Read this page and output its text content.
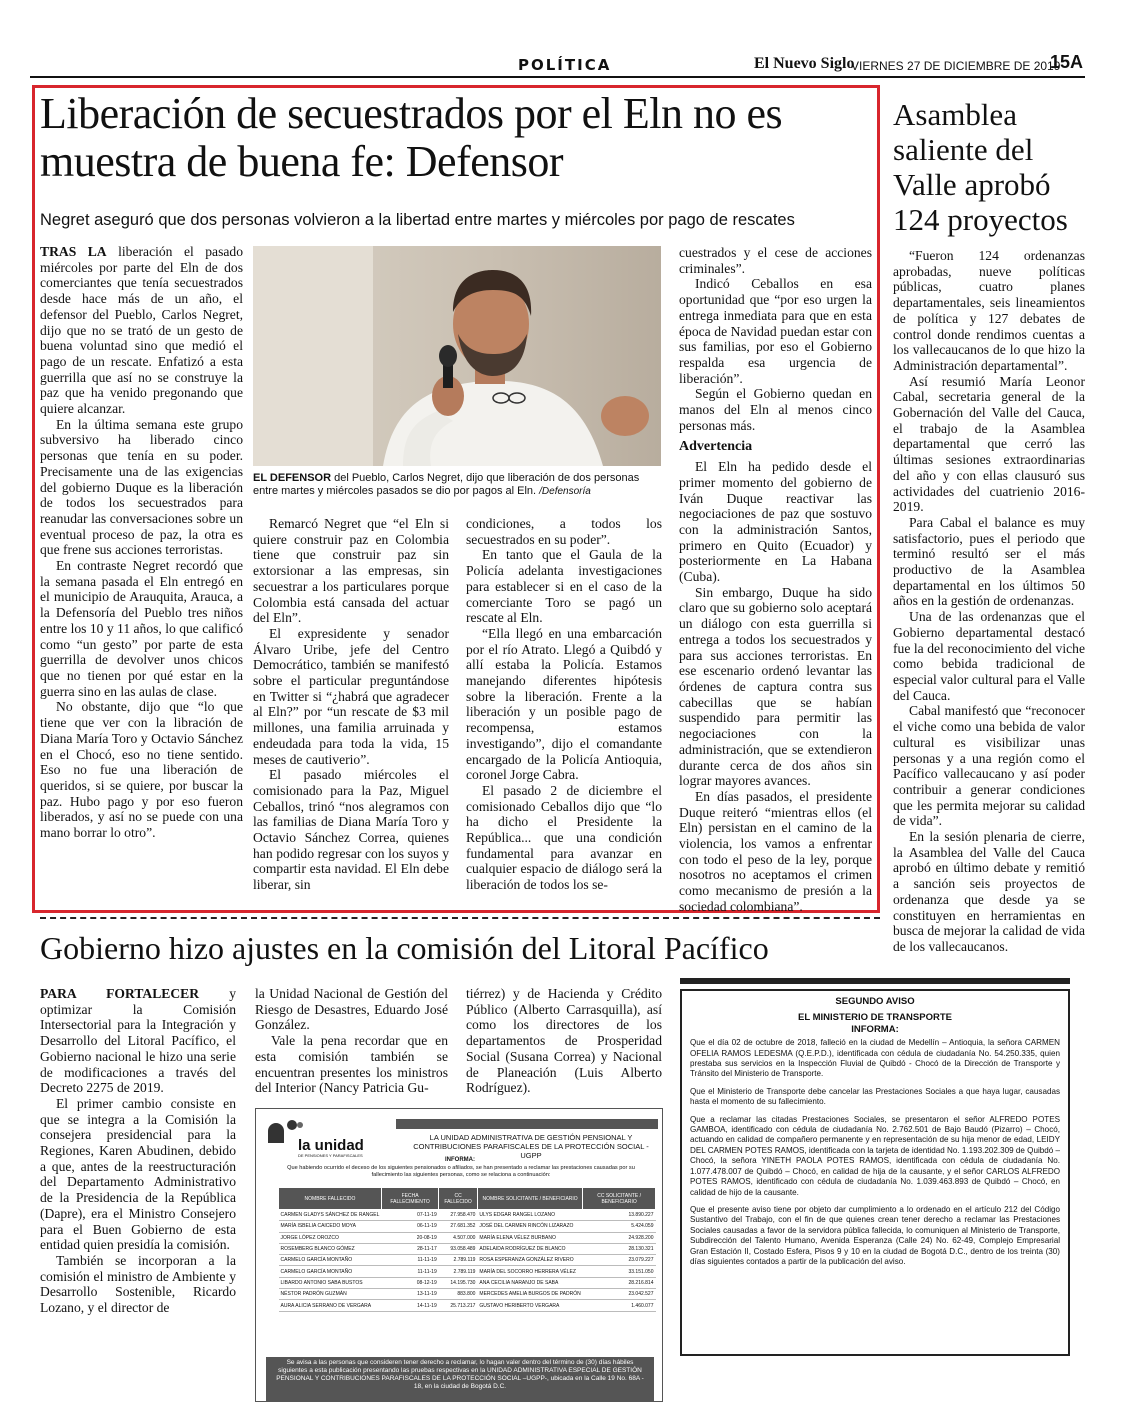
POLÍTICA	El Nuevo Siglo
VIERNES 27 DE DICIEMBRE DE 2019
15A
Liberación de secuestrados por el Eln no es muestra de buena fe: Defensor
Negret aseguró que dos personas volvieron a la libertad entre martes y miércoles por pago de rescates

TRAS LA liberación el pasado miércoles por parte del Eln de dos comerciantes que tenía secuestrados desde hace más de un año, el defensor del Pueblo, Carlos Negret, dijo que no se trató de un gesto de buena voluntad sino que medió el pago de un rescate. Enfatizó a esta guerrilla que así no se construye la paz que ha venido pregonando que quiere alcanzar.

En la última semana este grupo subversivo ha liberado cinco personas que tenía en su poder. Precisamente una de las exigencias del gobierno Duque es la liberación de todos los secuestrados para reanudar las conversaciones sobre un eventual proceso de paz, la otra es que frene sus acciones terroristas.

En contraste Negret recordó que la semana pasada el Eln entregó en el municipio de Arauquita, Arauca, a la Defensoría del Pueblo tres niños entre los 10 y 11 años, lo que calificó como “un gesto” por parte de esta guerrilla de devolver unos chicos que no tienen por qué estar en la guerra sino en las aulas de clase.

No obstante, dijo que “lo que tiene que ver con la libración de Diana María Toro y Octavio Sánchez en el Chocó, eso no tiene sentido. Eso no fue una liberación de queridos, si se quiere, por buscar la paz. Hubo pago y por eso fueron liberados, y así no se puede con una mano borrar lo otro”.

EL DEFENSOR del Pueblo, Carlos Negret, dijo que liberación de dos personas entre martes y miércoles pasados se dio por pagos al Eln. /Defensoría

Remarcó Negret que “el Eln si quiere construir paz en Colombia tiene que construir paz sin extorsionar a las empresas, sin secuestrar a los particulares porque Colombia está cansada del actuar del Eln”.

El expresidente y senador Álvaro Uribe, jefe del Centro Democrático, también se manifestó sobre el particular preguntándose en Twitter si “¿habrá que agradecer al Eln?” por “un rescate de $3 mil millones, una familia arruinada y endeudada para toda la vida, 15 meses de cautiverio”.

El pasado miércoles el comisionado para la Paz, Miguel Ceballos, trinó “nos alegramos con las familias de Diana María Toro y Octavio Sánchez Correa, quienes han podido regresar con los suyos y compartir esta navidad. El Eln debe liberar, sin

condiciones, a todos los secuestrados en su poder”.

En tanto que el Gaula de la Policía adelanta investigaciones para establecer si en el caso de la comerciante Toro se pagó un rescate al Eln.

“Ella llegó en una embarcación por el río Atrato. Llegó a Quibdó y allí estaba la Policía. Estamos manejando diferentes hipótesis sobre la liberación. Frente a la liberación y un posible pago de recompensa, estamos investigando”, dijo el comandante encargado de la Policía Antioquia, coronel Jorge Cabra.

El pasado 2 de diciembre el comisionado Ceballos dijo que “lo ha dicho el Presidente la República... que una condición fundamental para avanzar en cualquier espacio de diálogo será la liberación de todos los se-

cuestrados y el cese de acciones criminales”.

Indicó Ceballos en esa oportunidad que “por eso urgen la entrega inmediata para que en esta época de Navidad puedan estar con sus familias, por eso el Gobierno respalda esa urgencia de liberación”.

Según el Gobierno quedan en manos del Eln al menos cinco personas más.

Advertencia

El Eln ha pedido desde el primer momento del gobierno de Iván Duque reactivar las negociaciones de paz que sostuvo con la administración Santos, primero en Quito (Ecuador) y posteriormente en La Habana (Cuba).

Sin embargo, Duque ha sido claro que su gobierno solo aceptará un diálogo con esta guerrilla si entrega a todos los secuestrados y para sus acciones terroristas. En ese escenario ordenó levantar las órdenes de captura contra sus cabecillas que se habían suspendido para permitir las negociaciones con la administración, que se extendieron durante cerca de dos años sin lograr mayores avances.

En días pasados, el presidente Duque reiteró “mientras ellos (el Eln) persistan en el camino de la violencia, los vamos a enfrentar con todo el peso de la ley, porque nosotros no aceptamos el crimen como mecanismo de presión a la sociedad colombiana”.

Asamblea saliente del Valle aprobó 124 proyectos

“Fueron 124 ordenanzas aprobadas, nueve políticas públicas, cuatro planes departamentales, seis lineamientos de política y 127 debates de control donde rendimos cuentas a los vallecaucanos de lo que hizo la Administración departamental”.

Así resumió María Leonor Cabal, secretaria general de la Gobernación del Valle del Cauca, el trabajo de la Asamblea departamental que cerró las últimas sesiones extraordinarias del año y con ellas clausuró sus actividades del cuatrienio 2016-2019.

Para Cabal el balance es muy satisfactorio, pues el periodo que terminó resultó ser el más productivo de la Asamblea departamental en los últimos 50 años en la gestión de ordenanzas.

Una de las ordenanzas que el Gobierno departamental destacó fue la del reconocimiento del viche como bebida tradicional de especial valor cultural para el Valle del Cauca.

Cabal manifestó que “reconocer el viche como una bebida de valor cultural es visibilizar unas personas y a una región como el Pacífico vallecaucano y así poder contribuir a generar condiciones que les permita mejorar su calidad de vida”.

En la sesión plenaria de cierre, la Asamblea del Valle del Cauca aprobó en último debate y remitió a sanción seis proyectos de ordenanza que desde ya se constituyen en herramientas en busca de mejorar la calidad de vida de los vallecaucanos.

Gobierno hizo ajustes en la comisión del Litoral Pacífico

PARA FORTALECER y optimizar la Comisión Intersectorial para la Integración y Desarrollo del Litoral Pacífico, el Gobierno nacional le hizo una serie de modificaciones a través del Decreto 2275 de 2019.

El primer cambio consiste en que se integra a la Comisión la consejera presidencial para la Regiones, Karen Abudinen, debido a que, antes de la reestructuración del Departamento Administrativo de la Presidencia de la República (Dapre), era el Ministro Consejero para el Buen Gobierno de esta entidad quien presidía la comisión.

También se incorporan a la comisión el ministro de Ambiente y Desarrollo Sostenible, Ricardo Lozano, y el director de

la Unidad Nacional de Gestión del Riesgo de Desastres, Eduardo José González.

Vale la pena recordar que en esta comisión también se encuentran presentes los ministros del Interior (Nancy Patricia Gu-

tiérrez) y de Hacienda y Crédito Público (Alberto Carrasquilla), así como los directores de los departamentos de Prosperidad Social (Susana Correa) y Nacional de Planeación (Luis Alberto Rodríguez).

la unidad
DE PENSIONES Y PARAFISCALES
LA UNIDAD ADMINISTRATIVA DE GESTIÓN PENSIONAL Y CONTRIBUCIONES PARAFISCALES DE LA PROTECCIÓN SOCIAL - UGPP
INFORMA:
Que habiendo ocurrido el deceso de los siguientes pensionados o afiliados, se han presentado a reclamar las prestaciones causadas por su fallecimiento las siguientes personas, como se relaciona a continuación:
NOMBRE FALLECIDO	FECHA FALLECIMIENTO	CC FALLECIDO	NOMBRE SOLICITANTE / BENEFICIARIO	CC SOLICITANTE / BENEFICIARIO
CARMEN GLADYS SÁNCHEZ DE RANGEL	07-11-19	27.958.470	ULYS EDGAR RANGEL LOZANO	13.890.227
MARÍA ISBELIA CAICEDO MOYA	06-11-19	27.681.352	JOSÉ DEL CARMEN RINCÓN LIZARAZO	5.424.059
JORGE LÓPEZ OROZCO	20-08-19	4.507.000	MARÍA ELENA VÉLEZ BURBANO	24.928.200
ROSEMBERG BLANCO GÓMEZ	28-11-17	93.058.489	ADELAIDA RODRÍGUEZ DE BLANCO	28.130.321
CARMELO GARCÍA MONTAÑO	11-11-19	2.789.119	ROSA ESPERANZA GONZÁLEZ RIVERO	23.079.227
CARMELO GARCÍA MONTAÑO	11-11-19	2.789.119	MARÍA DEL SOCORRO HERRERA VÉLEZ	33.151.050
LIBARDO ANTONIO SABA BUSTOS	08-12-19	14.195.730	ANA CECILIA NARANJO DE SABA	28.216.814
NÉSTOR PADRÓN GUZMÁN	13-11-19	883.800	MERCEDES AMELIA BURGOS DE PADRÓN	23.042.527
AURA ALICIA SERRANO DE VERGARA	14-11-19	25.713.217	GUSTAVO HERIBERTO VERGARA	1.460.077
Se avisa a las personas que consideren tener derecho a reclamar, lo hagan valer dentro del término de (30) días hábiles siguientes a esta publicación presentando las pruebas respectivas en la UNIDAD ADMINISTRATIVA ESPECIAL DE GESTIÓN PENSIONAL Y CONTRIBUCIONES PARAFISCALES DE LA PROTECCIÓN SOCIAL –UGPP-, ubicada en la Calle 19 No. 68A - 18, en la ciudad de Bogotá D.C.
SEGUNDO AVISO
EL MINISTERIO DE TRANSPORTE
INFORMA:

Que el día 02 de octubre de 2018, falleció en la ciudad de Medellín – Antioquia, la señora CARMEN OFELIA RAMOS LEDESMA (Q.E.P.D.), identificada con cédula de ciudadanía No. 54.250.335, quien prestaba sus servicios en la Inspección Fluvial de Quibdó - Chocó de la Dirección de Transporte y Tránsito del Ministerio de Transporte.

Que el Ministerio de Transporte debe cancelar las Prestaciones Sociales a que haya lugar, causadas hasta el momento de su fallecimiento.

Que a reclamar las citadas Prestaciones Sociales, se presentaron el señor ALFREDO POTES GAMBOA, identificado con cédula de ciudadanía No. 2.762.501 de Bajo Baudó (Pizarro) – Chocó, actuando en calidad de compañero permanente y en representación de su hija menor de edad, LEIDY DEL CARMEN POTES RAMOS, identificada con la tarjeta de identidad No. 1.193.202.309 de Quibdó – Chocó, la señora YINETH PAOLA POTES RAMOS, identificada con cédula de ciudadanía No. 1.077.478.007 de Quibdó – Chocó, en calidad de hija de la causante, y el señor CARLOS ALFREDO POTES RAMOS, identificado con cédula de ciudadanía No. 1.039.463.893 de Quibdó – Chocó, en calidad de hijo de la causante.

Que el presente aviso tiene por objeto dar cumplimiento a lo ordenado en el artículo 212 del Código Sustantivo del Trabajo, con el fin de que quienes crean tener derecho a reclamar las Prestaciones Sociales causadas a favor de la servidora pública fallecida, lo comuniquen al Ministerio de Transporte, Subdirección del Talento Humano, Avenida Esperanza (Calle 24) No. 62-49, Complejo Empresarial Gran Estación II, Costado Esfera, Pisos 9 y 10 en la ciudad de Bogotá D.C., dentro de los treinta (30) días siguientes contados a partir de la publicación del aviso.
